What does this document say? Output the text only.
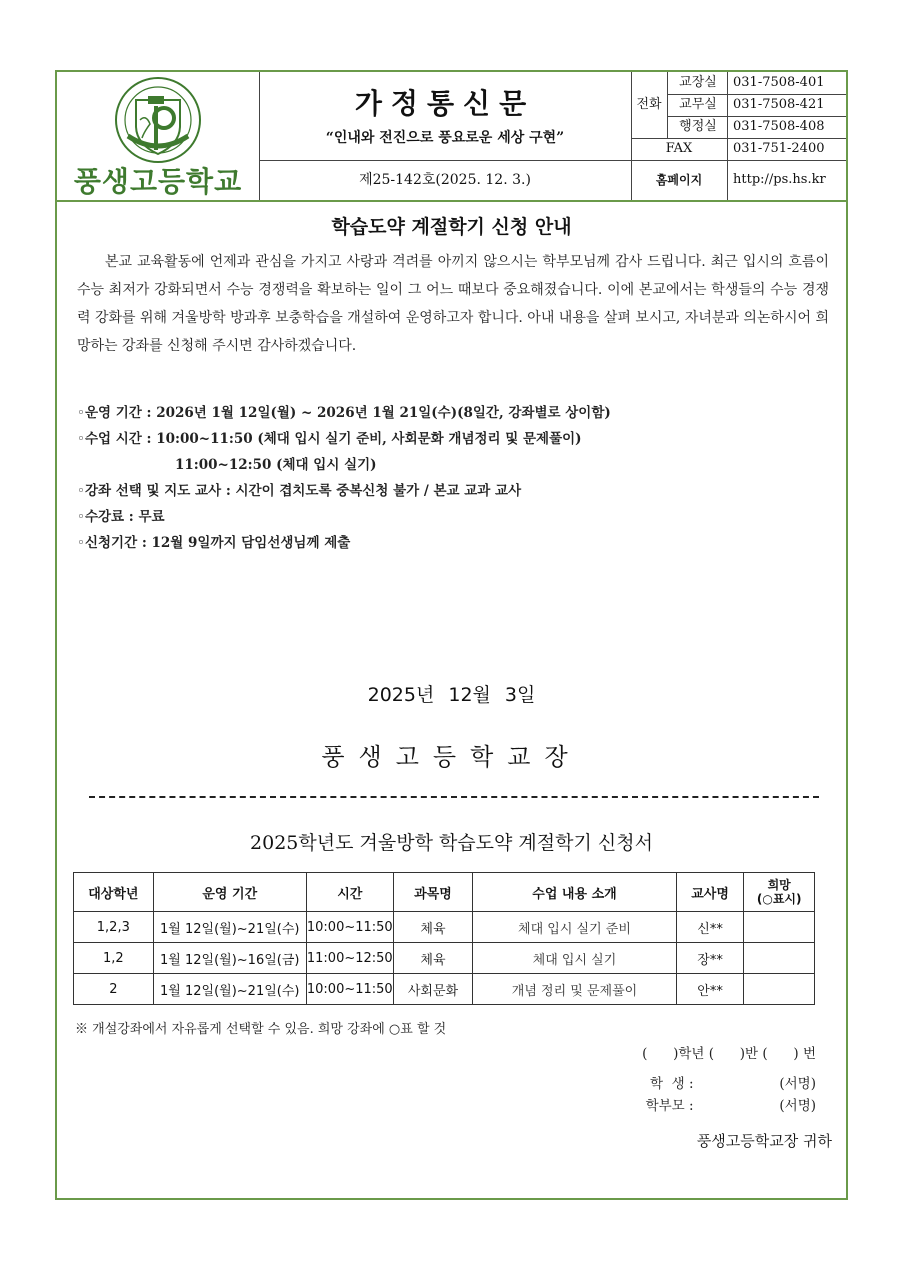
풍생고등학교
가정통신문
“인내와 전진으로 풍요로운 세상 구현”
제25-142호(2025. 12. 3.)
전화
교장실	031-7508-401
교무실	031-7508-421
행정실	031-7508-408
FAX	031-751-2400
홈페이지	http://ps.hs.kr
학습도약 계절학기 신청 안내
본교 교육활동에 언제과 관심을 가지고 사랑과 격려를 아끼지 않으시는 학부모님께 감사 드립니다. 최근 입시의 흐름이 수능 최저가 강화되면서 수능 경쟁력을 확보하는 일이 그 어느 때보다 중요해졌습니다. 이에 본교에서는 학생들의 수능 경쟁력 강화를 위해 겨울방학 방과후 보충학습을 개설하여 운영하고자 합니다. 아내 내용을 살펴 보시고, 자녀분과 의논하시어 희망하는 강좌를 신청해 주시면 감사하겠습니다.
◦운영 기간 : 2026년 1월 12일(월) ~ 2026년 1월 21일(수)(8일간, 강좌별로 상이함)
◦수업 시간 : 10:00~11:50 (체대 입시 실기 준비, 사회문화 개념정리 및 문제풀이)
11:00~12:50 (체대 입시 실기)
◦강좌 선택 및 지도 교사 : 시간이 겹치도록 중복신청 불가 / 본교 교과 교사
◦수강료 : 무료
◦신청기간 : 12월 9일까지 담임선생님께 제출
2025년 12월 3일
풍생고등학교장
2025학년도 겨울방학 학습도약 계절학기 신청서
대상학년	운영 기간	시간	과목명	수업 내용 소개	교사명	희망
(○표시)

1,2,3	1월 12일(월)~21일(수)	10:00~11:50	체육	체대 입시 실기 준비	신**	
1,2	1월 12일(월)~16일(금)	11:00~12:50	체육	체대 입시 실기	장**	
2	1월 12일(월)~21일(수)	10:00~11:50	사회문화	개념 정리 및 문제풀이	안**	
※ 개설강좌에서 자유롭게 선택할 수 있음. 희망 강좌에 ○표 할 것
(      )학년 (      )반 (      ) 번
학  생 :                    (서명)
학부모 :                    (서명)
풍생고등학교장 귀하
